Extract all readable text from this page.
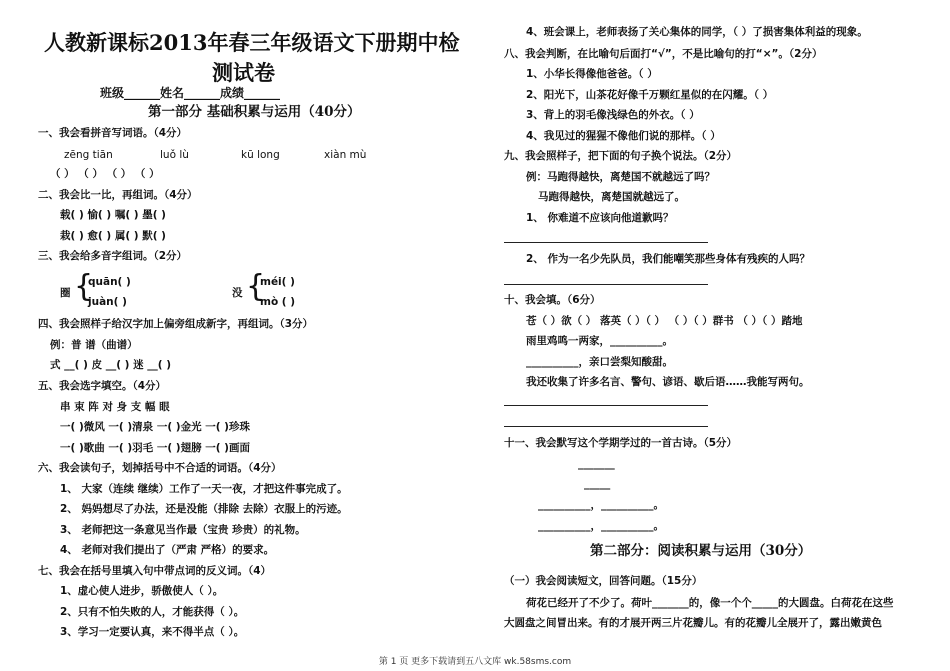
人教新课标2013年春三年级语文下册期中检
测试卷
班级______姓名______成绩______
第一部分 基础积累与运用（40分）
一、我会看拼音写词语。（4分）
zēng tiān	luǒ lù	kū long	xiàn mù
（ ） （ ） （ ） （ ）
二、我会比一比，再组词。（4分）
载( ) 愉( ) 嘱( ) 墨( )
栽( ) 愈( ) 属( ) 默( )
三、我会给多音字组词。（2分）
圈 {
quān( )
juàn( )
没 {
méi( )
mò ( )
四、我会照样子给汉字加上偏旁组成新字，再组词。（3分）
例：普 谱（曲谱）
式 __( ) 皮 __( ) 迷 __( )
五、我会选字填空。（4分）
串 束 阵 对 身 支 幅 眼
一( )微风 一( )清泉 一( )金光 一( )珍珠
一( )歌曲 一( )羽毛 一( )翅膀 一( )画面
六、我会读句子，划掉括号中不合适的词语。（4分）
1、 大家（连续 继续）工作了一天一夜，才把这件事完成了。
2、 妈妈想尽了办法，还是没能（排除 去除）衣服上的污迹。
3、 老师把这一条意见当作最（宝贵 珍贵）的礼物。
4、 老师对我们提出了（严肃 严格）的要求。
七、我会在括号里填入句中带点词的反义词。（4）
1、虚心使人进步，骄傲使人（ ）。
2、只有不怕失败的人，才能获得（ ）。
3、学习一定要认真，来不得半点（ ）。
4、班会课上，老师表扬了关心集体的同学，（ ）了损害集体利益的现象。
八、我会判断，在比喻句后面打“√”，不是比喻句的打“×”。（2分）
1、小华长得像他爸爸。（ ）
2、阳光下，山茶花好像千万颗红星似的在闪耀。（ ）
3、背上的羽毛像浅绿色的外衣。（ ）
4、我见过的猩猩不像他们说的那样。（ ）
九、我会照样子，把下面的句子换个说法。（2分）
例：马跑得越快，离楚国不就越远了吗？
马跑得越快，离楚国就越远了。
1、 你难道不应该向他道歉吗？
2、 作为一名少先队员，我们能嘲笑那些身体有残疾的人吗？
十、我会填。（6分）
苍（ ）欲（ ） 落英（ ）（ ） （ ）（ ）群书 （ ）（ ）踏地
雨里鸡鸣一两家，__________。
__________，亲口尝梨知酸甜。
我还收集了许多名言、警句、谚语、歇后语……我能写两句。
十一、我会默写这个学期学过的一首古诗。（5分）
_______
_____
__________，__________。
__________，__________。
第二部分：阅读积累与运用（30分）
（一）我会阅读短文，回答问题。（15分）
荷花已经开了不少了。荷叶_______的，像一个个_____的大圆盘。白荷花在这些
大圆盘之间冒出来。有的才展开两三片花瓣儿。有的花瓣儿全展开了，露出嫩黄色
第 1 页 更多下载请到五八文库 wk.58sms.com
